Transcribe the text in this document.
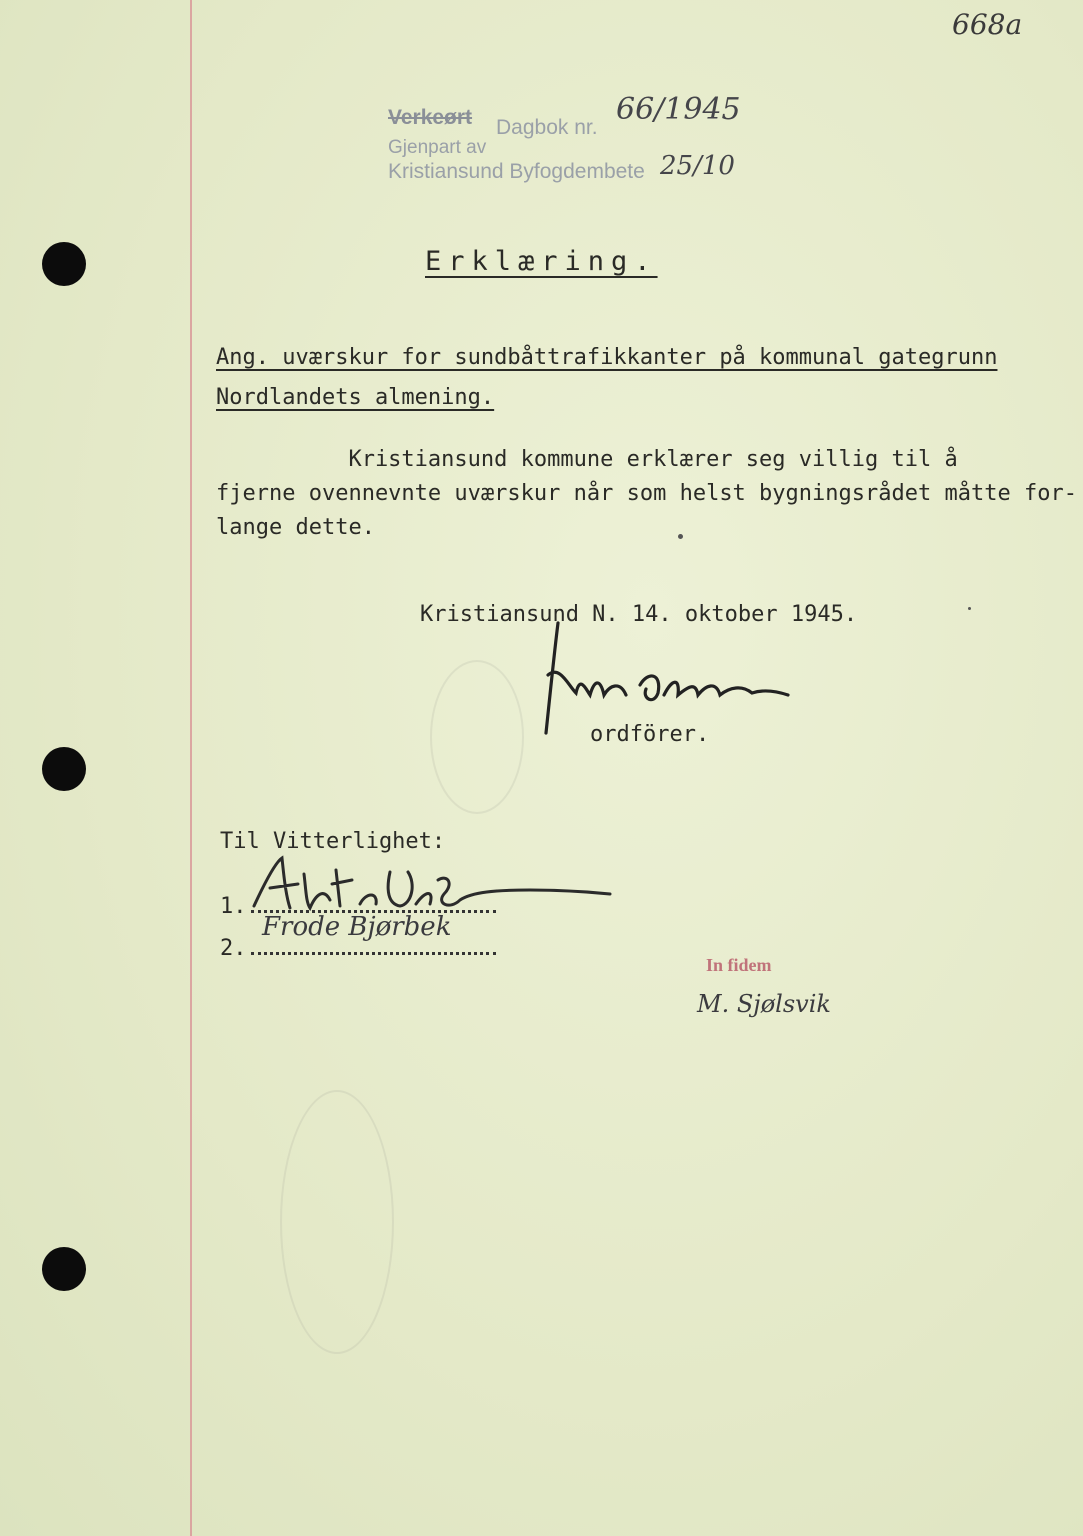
668a
Verkeørt Dagbok nr.
66/1945
Gjenpart av
Kristiansund Byfogdembete 25/10
Erklæring.
Ang. uværskur for sundbåttrafikkanter på kommunal gategrunn
Nordlandets almening.
Kristiansund kommune erklærer seg villig til å
fjerne ovennevnte uværskur når som helst bygningsrådet måtte for-
lange dette.
Kristiansund N. 14. oktober 1945.
ordförer.
Til Vitterlighet:
1.
2.
Frode Bjørbek
In fidem
M. Sjølsvik
